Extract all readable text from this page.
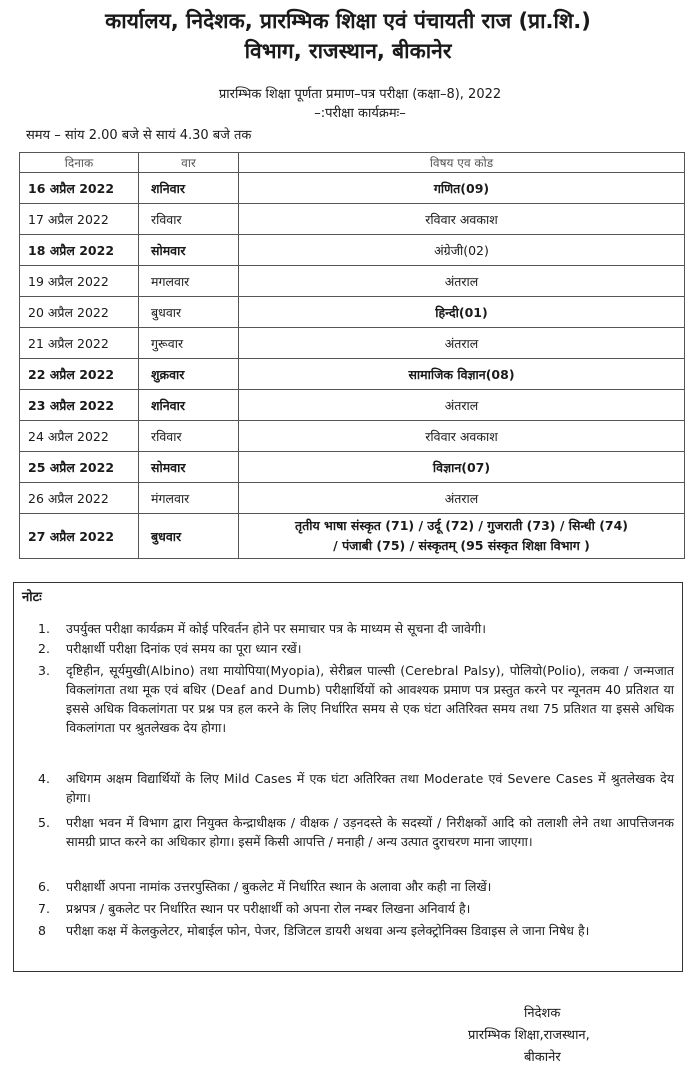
कार्यालय, निदेशक, प्रारम्भिक शिक्षा एवं पंचायती राज (प्रा.शि.)
विभाग, राजस्थान, बीकानेर
प्रारम्भिक शिक्षा पूर्णता प्रमाण–पत्र परीक्षा (कक्षा–8), 2022
–:परीक्षा कार्यक्रमः–
समय – सांय 2.00 बजे से सायं 4.30 बजे तक
दिनाक	वार	विषय एव कोड
16 अप्रैल 2022	शनिवार	गणित(09)
17 अप्रैल 2022	रविवार	रविवार अवकाश
18 अप्रैल 2022	सोमवार	अंग्रेजी(02)
19 अप्रैल 2022	मगलवार	अंतराल
20 अप्रैल 2022	बुधवार	हिन्दी(01)
21 अप्रैल 2022	गुरूवार	अंतराल
22 अप्रैल 2022	शुक्रवार	सामाजिक विज्ञान(08)
23 अप्रैल 2022	शनिवार	अंतराल
24 अप्रैल 2022	रविवार	रविवार अवकाश
25 अप्रैल 2022	सोमवार	विज्ञान(07)
26 अप्रैल 2022	मंगलवार	अंतराल
27 अप्रैल 2022	बुधवार	तृतीय भाषा संस्कृत (71) / उर्दू (72) / गुजराती (73) / सिन्धी (74)
/ पंजाबी (75) / संस्कृतम् (95 संस्कृत शिक्षा विभाग )
नोटः
1.	उपर्युक्त परीक्षा कार्यक्रम में कोई परिवर्तन होने पर समाचार पत्र के माध्यम से सूचना दी जावेगी।
2.	परीक्षार्थी परीक्षा दिनांक एवं समय का पूरा ध्यान रखें।
3.	दृष्टिहीन, सूर्यमुखी(Albino) तथा मायोपिया(Myopia), सेरीब्रल पाल्सी (Cerebral Palsy), पोलियो(Polio), लकवा / जन्मजात विकलांगता तथा मूक एवं बधिर (Deaf and Dumb) परीक्षार्थियों को आवश्यक प्रमाण पत्र प्रस्तुत करने पर न्यूनतम 40 प्रतिशत या इससे अधिक विकलांगता पर प्रश्न पत्र हल करने के लिए निर्धारित समय से एक घंटा अतिरिक्त समय तथा 75 प्रतिशत या इससे अधिक विकलांगता पर श्रुतलेखक देय होगा।
4.	अधिगम अक्षम विद्यार्थियों के लिए Mild Cases में एक घंटा अतिरिक्त तथा Moderate एवं Severe Cases में श्रुतलेखक देय होगा।
5.	परीक्षा भवन में विभाग द्वारा नियुक्त केन्द्राधीक्षक / वीक्षक / उड़नदस्ते के सदस्यों / निरीक्षकों आदि को तलाशी लेने तथा आपत्तिजनक सामग्री प्राप्त करने का अधिकार होगा। इसमें किसी आपत्ति / मनाही / अन्य उत्पात दुराचरण माना जाएगा।
6.	परीक्षार्थी अपना नामांक उत्तरपुस्तिका / बुकलेट में निर्धारित स्थान के अलावा और कही ना लिखें।
7.	प्रश्नपत्र / बुकलेट पर निर्धारित स्थान पर परीक्षार्थी को अपना रोल नम्बर लिखना अनिवार्य है।
8	परीक्षा कक्ष में केलकुलेटर, मोबाईल फोन, पेजर, डिजिटल डायरी अथवा अन्य इलेक्ट्रोनिक्स डिवाइस ले जाना निषेध है।
निदेशक
प्रारम्भिक शिक्षा,राजस्थान,
बीकानेर
